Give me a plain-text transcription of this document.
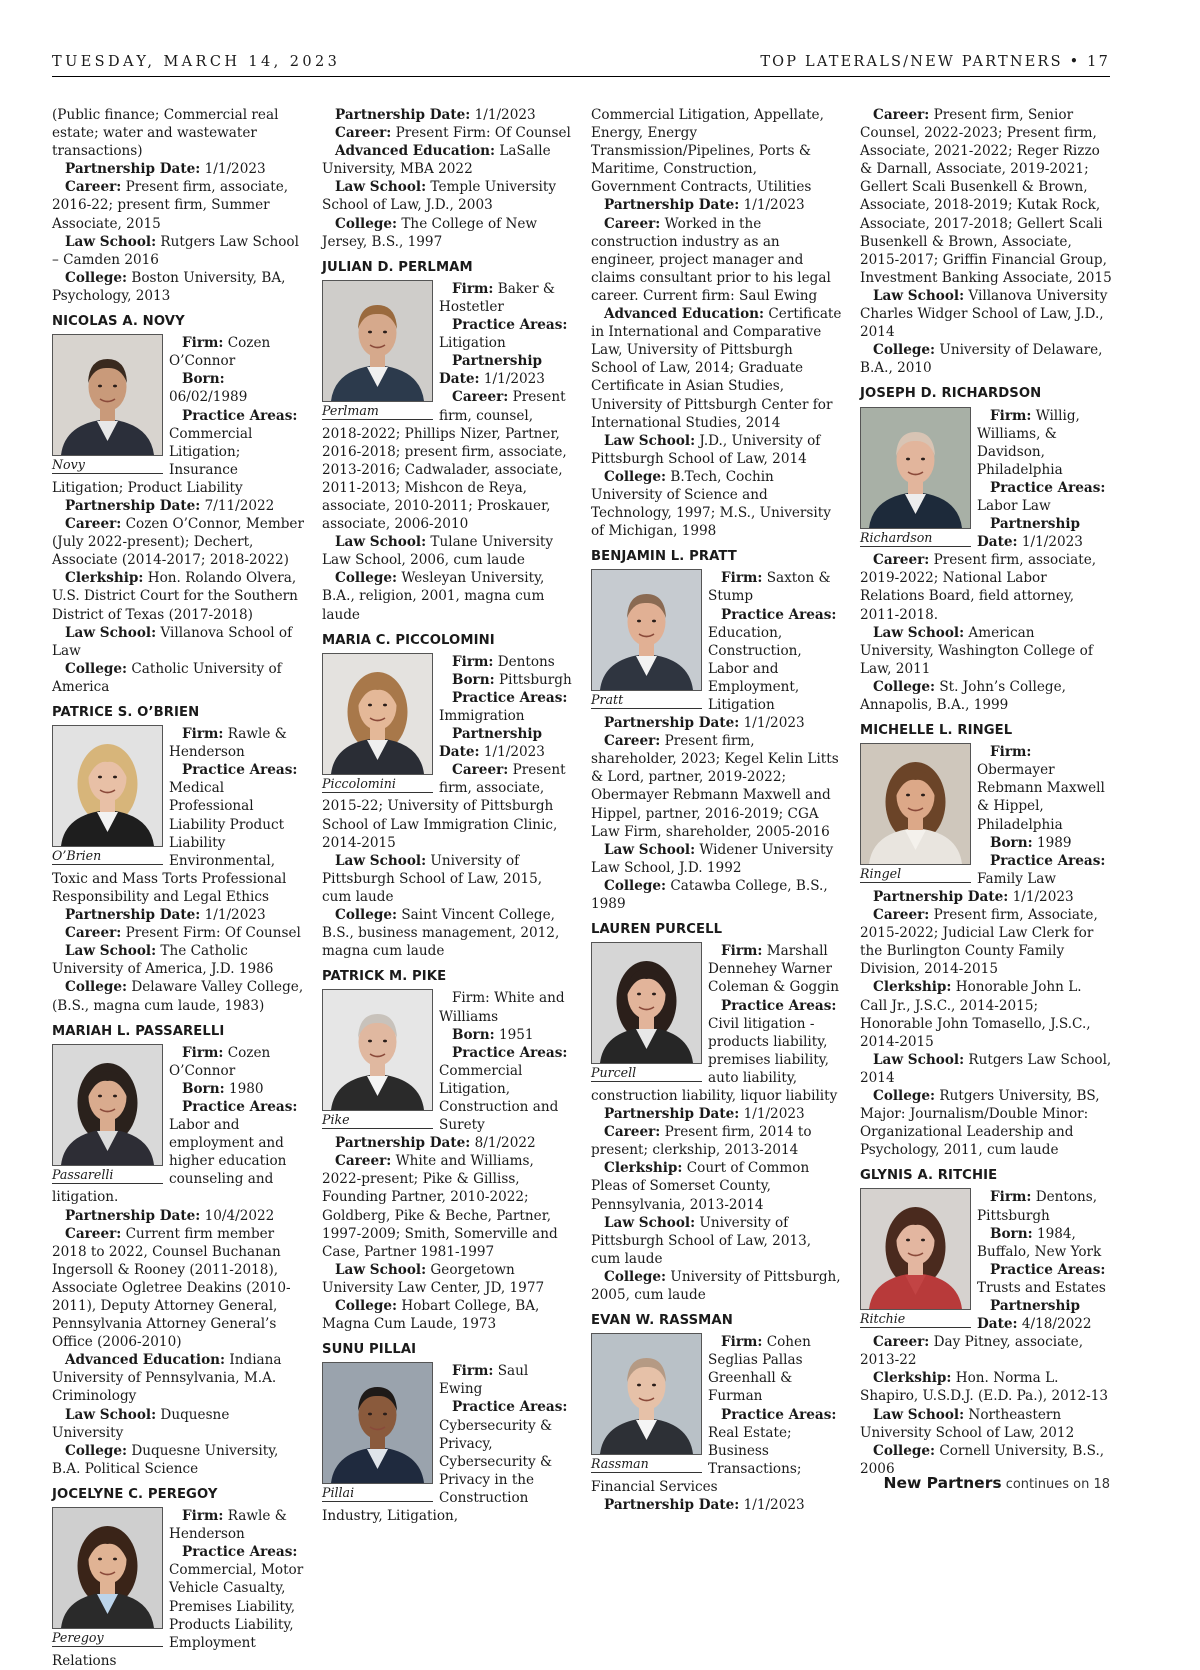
TUESDAY, MARCH 14, 2023	TOP LATERALS/NEW PARTNERS • 17

(Public finance; Commercial real estate; water and wastewater transactions)

Partnership Date: 1/1/2023

Career: Present firm, associate, 2016-22; present firm, Summer Associate, 2015

Law School: Rutgers Law School – Camden 2016

College: Boston University, BA, Psychology, 2013

NICOLAS A. NOVY
Novy

Firm: Cozen O’Connor

Born: 06/02/1989

Practice Areas: Commercial Litigation; Insurance Litigation; Product Liability

Partnership Date: 7/11/2022

Career: Cozen O’Connor, Member (July 2022-present); Dechert, Associate (2014-2017; 2018-2022)

Clerkship: Hon. Rolando Olvera, U.S. District Court for the Southern District of Texas (2017-2018)

Law School: Villanova School of Law

College: Catholic University of America

PATRICE S. O’BRIEN
O’Brien

Firm: Rawle & Henderson

Practice Areas: Medical Professional Liability Product Liability Environmental, Toxic and Mass Torts Professional Responsibility and Legal Ethics

Partnership Date: 1/1/2023

Career: Present Firm: Of Counsel

Law School: The Catholic University of America, J.D. 1986

College: Delaware Valley College, (B.S., magna cum laude, 1983)

MARIAH L. PASSARELLI
Passarelli

Firm: Cozen O’Connor

Born: 1980

Practice Areas: Labor and employment and higher education counseling and litigation.

Partnership Date: 10/4/2022

Career: Current firm member 2018 to 2022, Counsel Buchanan Ingersoll & Rooney (2011-2018), Associate Ogletree Deakins (2010-2011), Deputy Attorney General, Pennsylvania Attorney General’s Office (2006-2010)

Advanced Education: Indiana University of Pennsylvania, M.A. Criminology

Law School: Duquesne University

College: Duquesne University, B.A. Political Science

JOCELYNE C. PEREGOY
Peregoy

Firm: Rawle & Henderson

Practice Areas: Commercial, Motor Vehicle Casualty, Premises Liability, Products Liability, Employment Relations

Partnership Date: 1/1/2023

Career: Present Firm: Of Counsel

Advanced Education: LaSalle University, MBA 2022

Law School: Temple University School of Law, J.D., 2003

College: The College of New Jersey, B.S., 1997

JULIAN D. PERLMAM
Perlmam

Firm: Baker & Hostetler

Practice Areas: Litigation

Partnership Date: 1/1/2023

Career: Present firm, counsel, 2018-2022; Phillips Nizer, Partner, 2016-2018; present firm, associate, 2013-2016; Cadwalader, associate, 2011-2013; Mishcon de Reya, associate, 2010-2011; Proskauer, associate, 2006-2010

Law School: Tulane University Law School, 2006, cum laude

College: Wesleyan University, B.A., religion, 2001, magna cum laude

MARIA C. PICCOLOMINI
Piccolomini

Firm: Dentons

Born: Pittsburgh

Practice Areas: Immigration

Partnership Date: 1/1/2023

Career: Present firm, associate, 2015-22; University of Pittsburgh School of Law Immigration Clinic, 2014-2015

Law School: University of Pittsburgh School of Law, 2015, cum laude

College: Saint Vincent College, B.S., business management, 2012, magna cum laude

PATRICK M. PIKE
Pike

Firm: White and Williams

Born: 1951

Practice Areas: Commercial Litigation, Construction and Surety

Partnership Date: 8/1/2022

Career: White and Williams, 2022-present; Pike & Gilliss, Founding Partner, 2010-2022; Goldberg, Pike & Beche, Partner, 1997-2009; Smith, Somerville and Case, Partner 1981-1997

Law School: Georgetown University Law Center, JD, 1977

College: Hobart College, BA, Magna Cum Laude, 1973

SUNU PILLAI
Pillai

Firm: Saul Ewing

Practice Areas: Cybersecurity & Privacy, Cybersecurity & Privacy in the Construction Industry, Litigation,

Commercial Litigation, Appellate, Energy, Energy Transmission/Pipelines, Ports & Maritime, Construction, Government Contracts, Utilities

Partnership Date: 1/1/2023

Career: Worked in the construction industry as an engineer, project manager and claims consultant prior to his legal career. Current firm: Saul Ewing

Advanced Education: Certificate in International and Comparative Law, University of Pittsburgh School of Law, 2014; Graduate Certificate in Asian Studies, University of Pittsburgh Center for International Studies, 2014

Law School: J.D., University of Pittsburgh School of Law, 2014

College: B.Tech, Cochin University of Science and Technology, 1997; M.S., University of Michigan, 1998

BENJAMIN L. PRATT
Pratt

Firm: Saxton & Stump

Practice Areas: Education, Construction, Labor and Employment, Litigation

Partnership Date: 1/1/2023

Career: Present firm, shareholder, 2023; Kegel Kelin Litts & Lord, partner, 2019-2022; Obermayer Rebmann Maxwell and Hippel, partner, 2016-2019; CGA Law Firm, shareholder, 2005-2016

Law School: Widener University Law School, J.D. 1992

College: Catawba College, B.S., 1989

LAUREN PURCELL
Purcell

Firm: Marshall Dennehey Warner Coleman & Goggin

Practice Areas: Civil litigation - products liability, premises liability, auto liability, construction liability, liquor liability

Partnership Date: 1/1/2023

Career: Present firm, 2014 to present; clerkship, 2013-2014

Clerkship: Court of Common Pleas of Somerset County, Pennsylvania, 2013-2014

Law School: University of Pittsburgh School of Law, 2013, cum laude

College: University of Pittsburgh, 2005, cum laude

EVAN W. RASSMAN
Rassman

Firm: Cohen Seglias Pallas Greenhall & Furman

Practice Areas: Real Estate; Business Transactions; Financial Services

Partnership Date: 1/1/2023

Career: Present firm, Senior Counsel, 2022-2023; Present firm, Associate, 2021-2022; Reger Rizzo & Darnall, Associate, 2019-2021; Gellert Scali Busenkell & Brown, Associate, 2018-2019; Kutak Rock, Associate, 2017-2018; Gellert Scali Busenkell & Brown, Associate, 2015-2017; Griffin Financial Group, Investment Banking Associate, 2015

Law School: Villanova University Charles Widger School of Law, J.D., 2014

College: University of Delaware, B.A., 2010

JOSEPH D. RICHARDSON
Richardson

Firm: Willig, Williams, & Davidson, Philadelphia

Practice Areas: Labor Law

Partnership Date: 1/1/2023

Career: Present firm, associate, 2019-2022; National Labor Relations Board, field attorney, 2011-2018.

Law School: American University, Washington College of Law, 2011

College: St. John’s College, Annapolis, B.A., 1999

MICHELLE L. RINGEL
Ringel

Firm: Obermayer Rebmann Maxwell & Hippel, Philadelphia

Born: 1989

Practice Areas: Family Law

Partnership Date: 1/1/2023

Career: Present firm, Associate, 2015-2022; Judicial Law Clerk for the Burlington County Family Division, 2014-2015

Clerkship: Honorable John L. Call Jr., J.S.C., 2014-2015; Honorable John Tomasello, J.S.C., 2014-2015

Law School: Rutgers Law School, 2014

College: Rutgers University, BS, Major: Journalism/Double Minor: Organizational Leadership and Psychology, 2011, cum laude

GLYNIS A. RITCHIE
Ritchie

Firm: Dentons, Pittsburgh

Born: 1984, Buffalo, New York

Practice Areas: Trusts and Estates

Partnership Date: 4/18/2022

Career: Day Pitney, associate, 2013-22

Clerkship: Hon. Norma L. Shapiro, U.S.D.J. (E.D. Pa.), 2012-13

Law School: Northeastern University School of Law, 2012

College: Cornell University, B.S., 2006

New Partners continues on 18
